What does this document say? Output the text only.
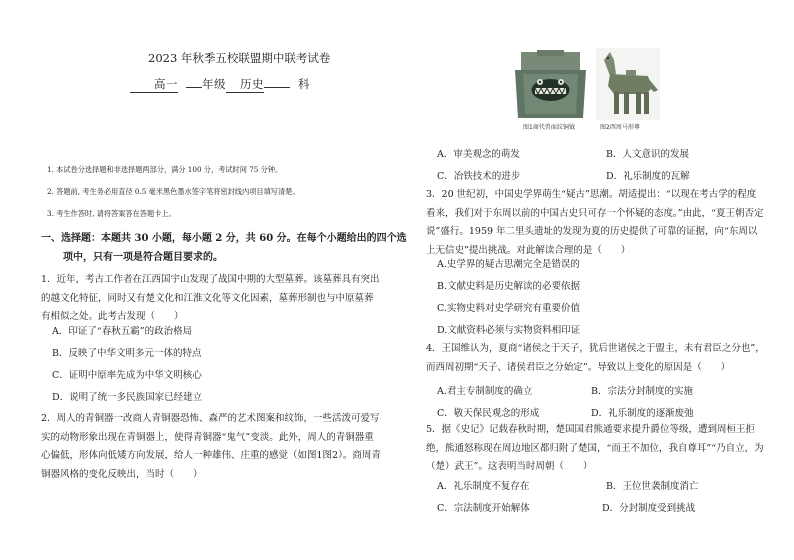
2023 年秋季五校联盟期中联考试卷
高一 年级 历史	科
1. 本试卷分选择题和非选择题两部分，满分 100 分，考试时间 75 分钟。
2. 答题前, 考生务必用直径 0.5 毫米黑色墨水签字笔将密封线内项目填写清楚。
3. 考生作答时, 请将答案答在答题卡上。
一、选择题：本题共 30 小题，每小题 2 分，共 60 分。在每个小题给出的四个选
项中，只有一项是符合题目要求的。
1．近年，考古工作者在江西国宇山发现了战国中期的大型墓葬。该墓葬具有突出的越文化特征，同时又有楚文化和江淮文化等文化因素，墓葬形制也与中原墓葬有相似之处。此考古发现（　　）
A．印证了“春秋五霸”的政治格局
B．反映了中华文明多元一体的特点
C．证明中原率先成为中华文明核心
D．说明了统一多民族国家已经建立
2．周人的青铜器一改商人青铜器恐怖、森严的艺术图案和纹饰，一些活泼可爱写实的动物形象出现在青铜器上，使得青铜器“鬼气”变淡。此外，周人的青铜器重心偏低，形体向低矮方向发展，给人一种雄伟、庄重的感觉（如图1图2）。商周青铜器风格的变化反映出，当时（　　）
图1商代兽面纹铜钺	图2西周马形尊
A．审美观念的萌发	B．人文意识的发展
C．冶铁技术的进步	D．礼乐制度的瓦解
3．20 世纪初，中国史学界萌生“疑古”思潮。胡适提出：“以现在考古学的程度看来，我们对于东周以前的中国古史只可存一个怀疑的态度。”由此，“夏王朝否定说”盛行。1959 年二里头遗址的发现为夏的历史提供了可靠的证据，向“东周以上无信史”提出挑战。对此解读合理的是（　　）
A.史学界的疑古思潮完全是错误的
B.文献史料是历史解读的必要依据
C.实物史料对史学研究有重要价值
D.文献资料必须与实物资料相印证
4．王国维认为，夏商“诸侯之于天子，犹后世诸侯之于盟主，未有君臣之分也”，而西周初期“天子、诸侯君臣之分始定”。导致以上变化的原因是（　　）
A.君主专制制度的确立	B．宗法分封制度的实施
C．敬天保民观念的形成	D．礼乐制度的逐渐废弛
5．据《史记》记载春秋时期，楚国国君熊通要求提升爵位等级，遭到周桓王拒绝，熊通怒称现在周边地区都归附了楚国，“而王不加位，我自尊耳”“乃自立，为（楚）武王”。这表明当时周朝（　　）
A．礼乐制度不复存在	B．王位世袭制度消亡
C．宗法制度开始解体	D．分封制度受到挑战
